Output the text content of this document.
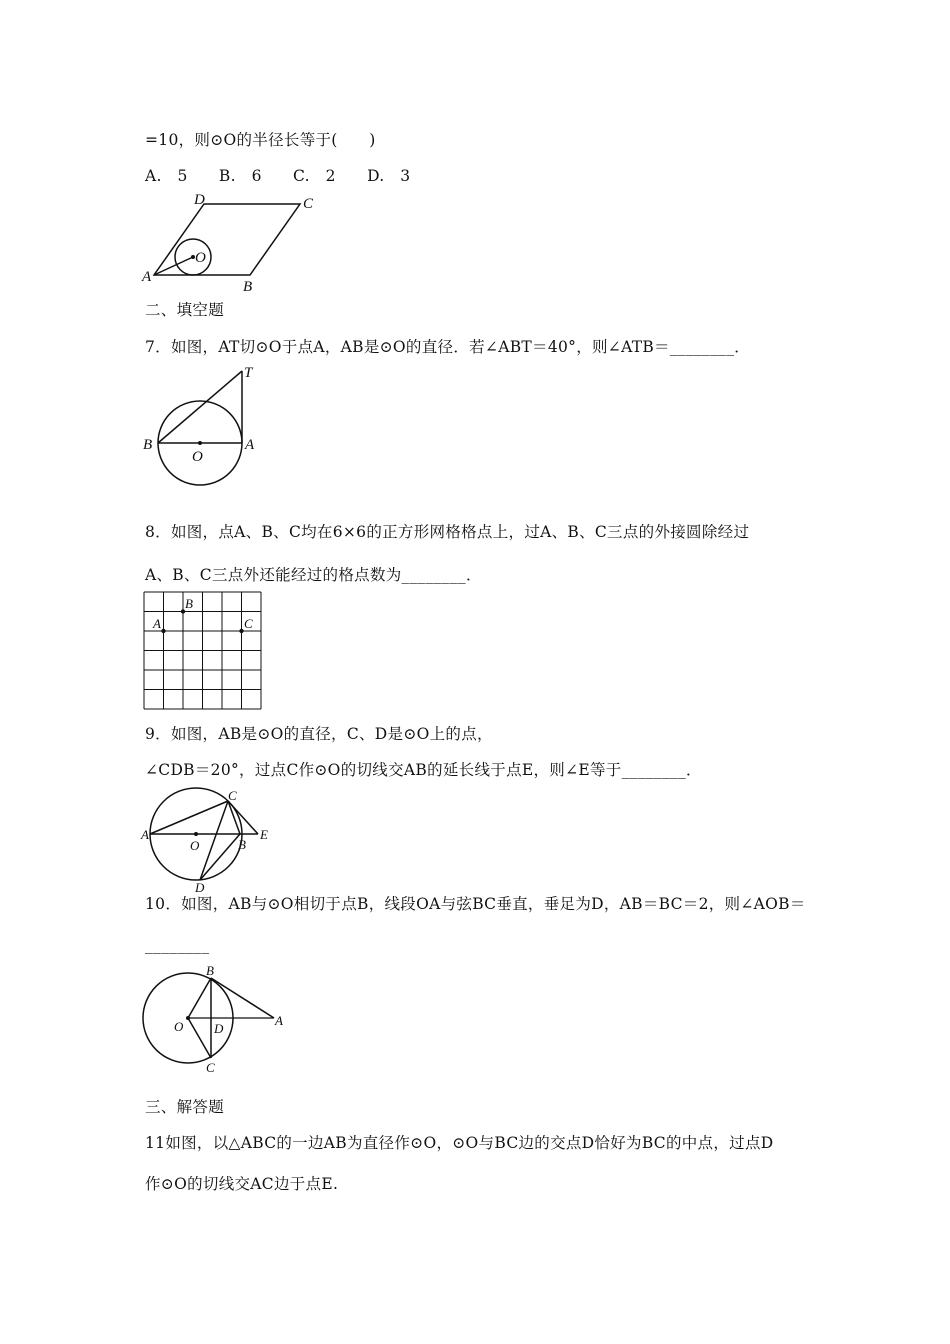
=10，则⊙O的半径长等于(　　)
A.　5 B.　6 C.　2 D.　3
D	C
A
B
O
二、填空题
7．如图，AT切⊙O于点A，AB是⊙O的直径．若∠ABT＝40°，则∠ATB＝________．
T
B	A
O
8．如图，点A、B、C均在6×6的正方形网格格点上，过A、B、C三点的外接圆除经过
A、B、C三点外还能经过的格点数为________．
B
A	C
9．如图，AB是⊙O的直径，C、D是⊙O上的点，
∠CDB＝20°，过点C作⊙O的切线交AB的延长线于点E，则∠E等于________．
A
O
C
B
E
D
10．如图，AB与⊙O相切于点B，线段OA与弦BC垂直，垂足为D，AB＝BC＝2，则∠AOB＝
________
B
O D
A
C
三、解答题
11如图，以△ABC的一边AB为直径作⊙O，⊙O与BC边的交点D恰好为BC的中点，过点D
作⊙O的切线交AC边于点E.
